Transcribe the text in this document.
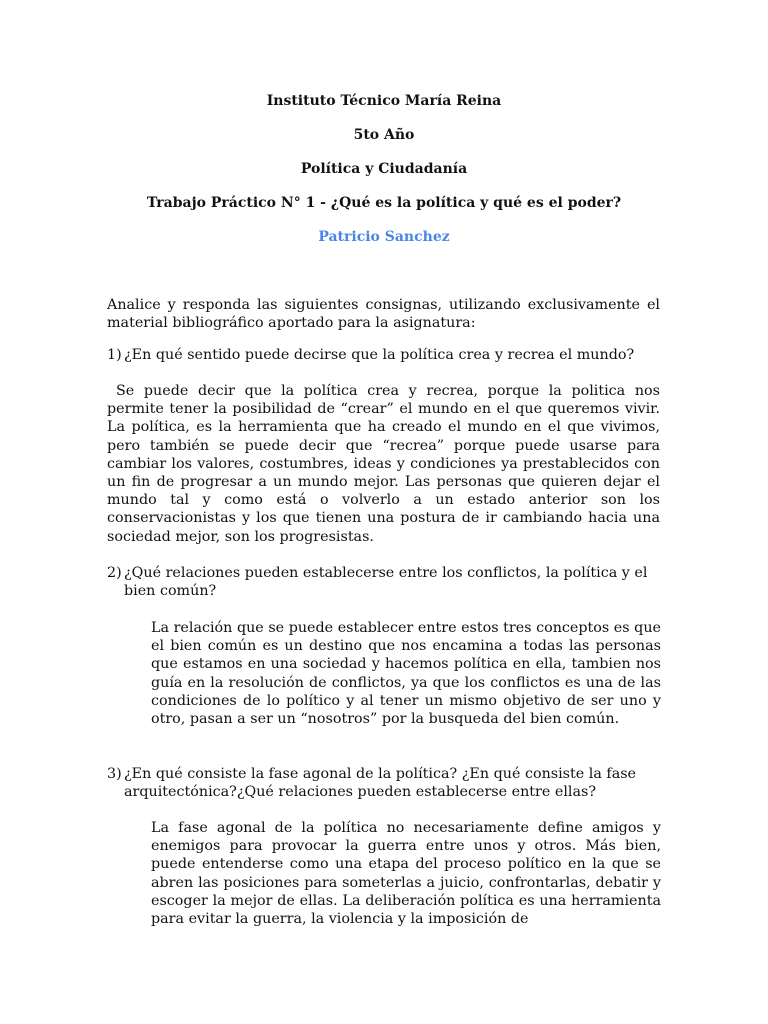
Instituto Técnico María Reina
5to Año
Política y Ciudadanía
Trabajo Práctico N° 1 - ¿Qué es la política y qué es el poder?
Patricio Sanchez

Analice y responda las siguientes consignas, utilizando exclusivamente el material bibliográfico aportado para la asignatura:

1) ¿En qué sentido puede decirse que la política crea y recrea el mundo?

Se puede decir que la política crea y recrea, porque la politica nos permite tener la posibilidad de “crear” el mundo en el que queremos vivir. La política, es la herramienta que ha creado el mundo en el que vivimos, pero también se puede decir que “recrea” porque puede usarse para cambiar los valores, costumbres, ideas y condiciones ya prestablecidos con un fin de progresar a un mundo mejor. Las personas que quieren dejar el mundo tal y como está o volverlo a un estado anterior son los conservacionistas y los que tienen una postura de ir cambiando hacia una sociedad mejor, son los progresistas.

2) ¿Qué relaciones pueden establecerse entre los conflictos, la política y el bien común?

La relación que se puede establecer entre estos tres conceptos es que el bien común es un destino que nos encamina a todas las personas que estamos en una sociedad y hacemos política en ella, tambien nos guía en la resolución de conflictos, ya que los conflictos es una de las condiciones de lo político y al tener un mismo objetivo de ser uno y otro, pasan a ser un “nosotros” por la busqueda del bien común.

3) ¿En qué consiste la fase agonal de la política? ¿En qué consiste la fase arquitectónica?¿Qué relaciones pueden establecerse entre ellas?

La fase agonal de la política no necesariamente define amigos y enemigos para provocar la guerra entre unos y otros. Más bien, puede entenderse como una etapa del proceso político en la que se abren las posiciones para someterlas a juicio, confrontarlas, debatir y escoger la mejor de ellas. La deliberación política es una herramienta para evitar la guerra, la violencia y la imposición de
